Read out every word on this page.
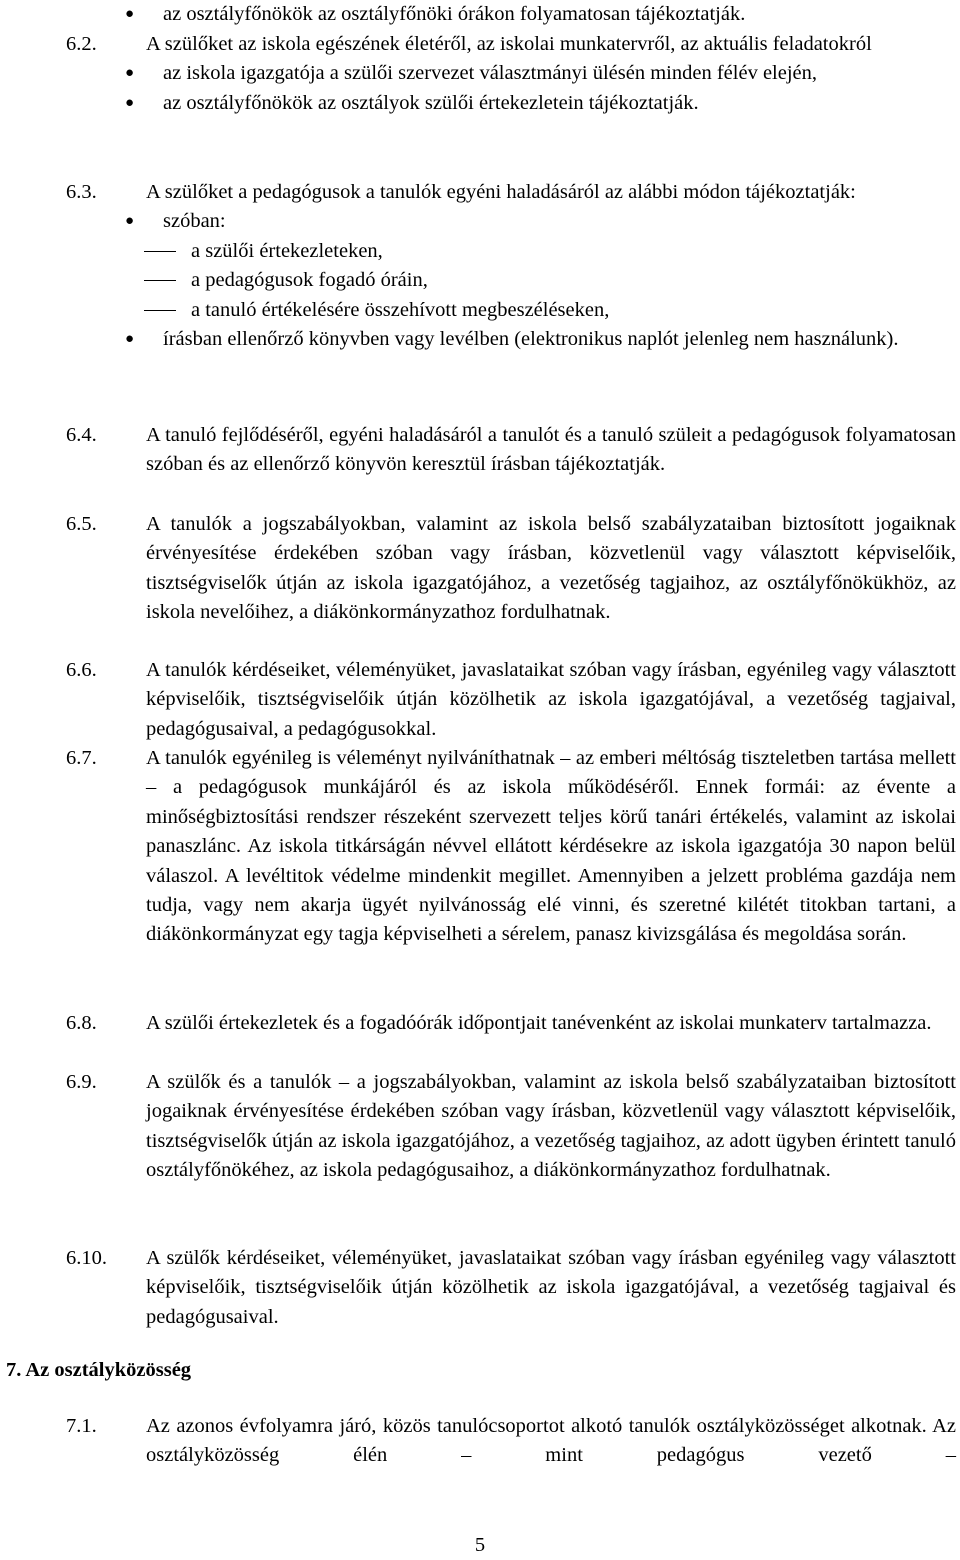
●	az osztályfőnökök az osztályfőnöki órákon folyamatosan tájékoztatják.
6.2.	A szülőket az iskola egészének életéről, az iskolai munkatervről, az aktuális feladatokról
●	az iskola igazgatója a szülői szervezet választmányi ülésén minden félév elején,
●	az osztályfőnökök az osztályok szülői értekezletein tájékoztatják.
6.3.	A szülőket a pedagógusok a tanulók egyéni haladásáról az alábbi módon tájékoztatják:
●	szóban:
a szülői értekezleteken,
a pedagógusok fogadó óráin,
a tanuló értékelésére összehívott megbeszéléseken,
●	írásban ellenőrző könyvben vagy levélben (elektronikus naplót jelenleg nem használunk).
6.4.	A tanuló fejlődéséről, egyéni haladásáról a tanulót és a tanuló szüleit a pedagógusok folyamatosan szóban és az ellenőrző könyvön keresztül írásban tájékoztatják.
6.5.	A tanulók a jogszabályokban, valamint az iskola belső szabályzataiban biztosított jogaiknak érvényesítése érdekében szóban vagy írásban, közvetlenül vagy választott képviselőik, tisztségviselők útján az iskola igazgatójához, a vezetőség tagjaihoz, az osztályfőnökükhöz, az iskola nevelőihez, a diákönkormányzathoz fordulhatnak.
6.6.	A tanulók kérdéseiket, véleményüket, javaslataikat szóban vagy írásban, egyénileg vagy választott képviselőik, tisztségviselőik útján közölhetik az iskola igazgatójával, a vezetőség tagjaival, pedagógusaival, a pedagógusokkal.
6.7.	A tanulók egyénileg is véleményt nyilváníthatnak – az emberi méltóság tiszteletben tartása mellett – a pedagógusok munkájáról és az iskola működéséről. Ennek formái: az évente a minőségbiztosítási rendszer részeként szervezett teljes körű tanári értékelés, valamint az iskolai panaszlánc. Az iskola titkárságán névvel ellátott kérdésekre az iskola igazgatója 30 napon belül válaszol. A levéltitok védelme mindenkit megillet. Amennyiben a jelzett probléma gazdája nem tudja, vagy nem akarja ügyét nyilvánosság elé vinni, és szeretné kilétét titokban tartani, a diákönkormányzat egy tagja képviselheti a sérelem, panasz kivizsgálása és megoldása során.
6.8.	A szülői értekezletek és a fogadóórák időpontjait tanévenként az iskolai munkaterv tartalmazza.
6.9.	A szülők és a tanulók – a jogszabályokban, valamint az iskola belső szabályzataiban biztosított jogaiknak érvényesítése érdekében szóban vagy írásban, közvetlenül vagy választott képviselőik, tisztségviselők útján az iskola igazgatójához, a vezetőség tagjaihoz, az adott ügyben érintett tanuló osztályfőnökéhez, az iskola pedagógusaihoz, a diákönkormányzathoz fordulhatnak.
6.10.	A szülők kérdéseiket, véleményüket, javaslataikat szóban vagy írásban egyénileg vagy választott képviselőik, tisztségviselőik útján közölhetik az iskola igazgatójával, a vezetőség tagjaival és pedagógusaival.
7. Az osztályközösség
7.1.	Az azonos évfolyamra járó, közös tanulócsoportot alkotó tanulók osztályközösséget alkotnak. Az osztályközösség élén – mint pedagógus vezető –
5
